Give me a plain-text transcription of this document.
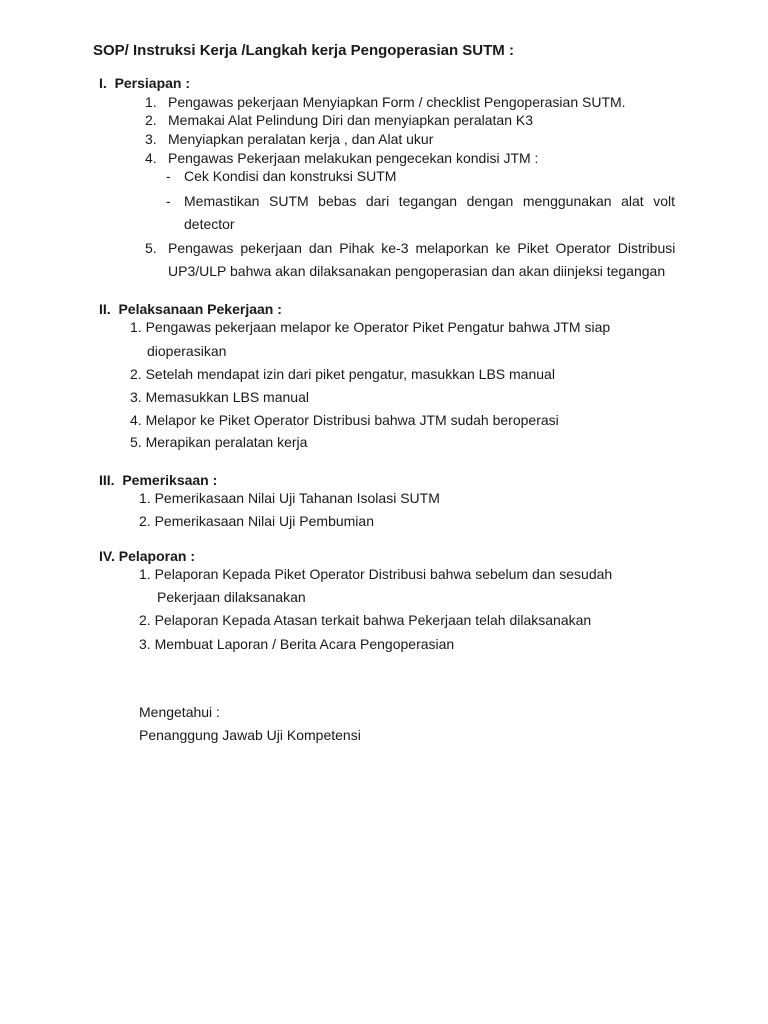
SOP/ Instruksi Kerja /Langkah kerja Pengoperasian SUTM :
I. Persiapan :
1. Pengawas pekerjaan Menyiapkan Form / checklist Pengoperasian SUTM.
2. Memakai Alat Pelindung Diri dan menyiapkan peralatan K3
3. Menyiapkan peralatan kerja , dan Alat ukur
4. Pengawas Pekerjaan melakukan pengecekan kondisi JTM :
- Cek Kondisi dan konstruksi SUTM
- Memastikan SUTM bebas dari tegangan dengan menggunakan alat volt
detector
5. Pengawas pekerjaan dan Pihak ke-3 melaporkan ke Piket Operator Distribusi
UP3/ULP bahwa akan dilaksanakan pengoperasian dan akan diinjeksi tegangan
II. Pelaksanaan Pekerjaan :
1. Pengawas pekerjaan melapor ke Operator Piket Pengatur bahwa JTM siap
dioperasikan
2. Setelah mendapat izin dari piket pengatur, masukkan LBS manual
3. Memasukkan LBS manual
4. Melapor ke Piket Operator Distribusi bahwa JTM sudah beroperasi
5. Merapikan peralatan kerja
III. Pemeriksaan :
1. Pemerikasaan Nilai Uji Tahanan Isolasi SUTM
2. Pemerikasaan Nilai Uji Pembumian
IV. Pelaporan :
1. Pelaporan Kepada Piket Operator Distribusi bahwa sebelum dan sesudah
Pekerjaan dilaksanakan
2. Pelaporan Kepada Atasan terkait bahwa Pekerjaan telah dilaksanakan
3. Membuat Laporan / Berita Acara Pengoperasian
Mengetahui :
Penanggung Jawab Uji Kompetensi
